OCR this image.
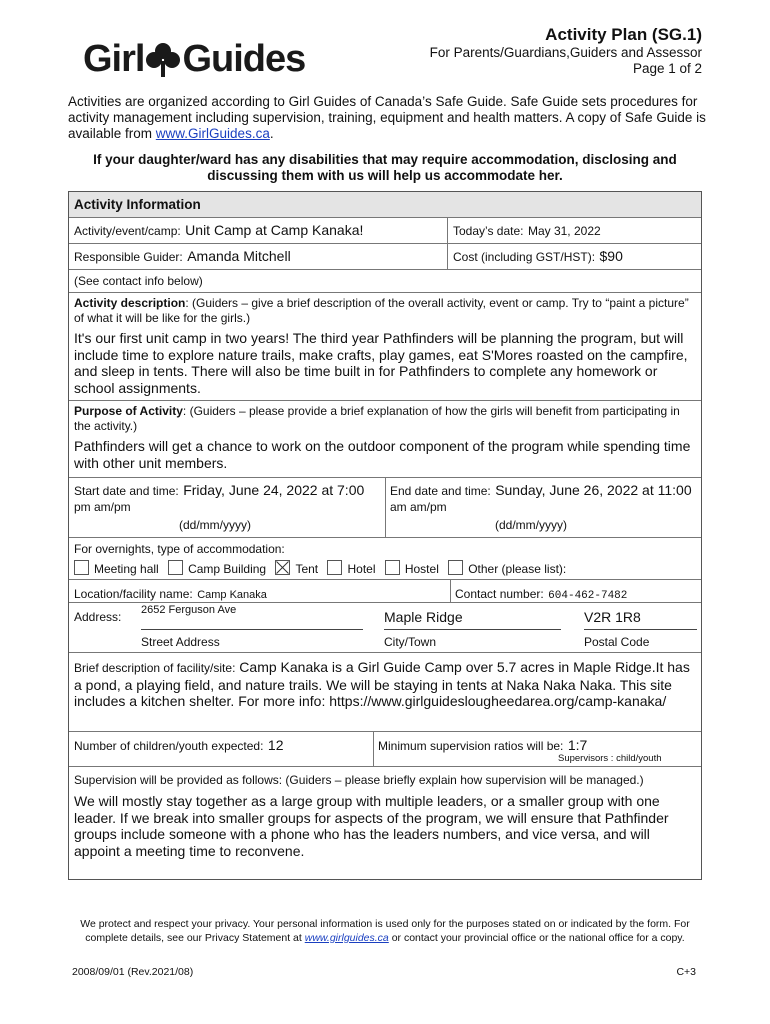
Girl Guides
Activity Plan (SG.1)
For Parents/Guardians,Guiders and Assessor
Page 1 of 2
Activities are organized according to Girl Guides of Canada’s Safe Guide. Safe Guide sets procedures for activity management including supervision, training, equipment and health matters. A copy of Safe Guide is available from www.GirlGuides.ca.
If your daughter/ward has any disabilities that may require accommodation, disclosing and discussing them with us will help us accommodate her.
Activity Information
Activity/event/camp: Unit Camp at Camp Kanaka!	Today’s date: May 31, 2022
Responsible Guider: Amanda Mitchell	Cost (including GST/HST): $90
(See contact info below)
Activity description: (Guiders – give a brief description of the overall activity, event or camp. Try to “paint a picture” of what it will be like for the girls.)
It's our first unit camp in two years! The third year Pathfinders will be planning the program, but will include time to explore nature trails, make crafts, play games, eat S'Mores roasted on the campfire, and sleep in tents. There will also be time built in for Pathfinders to complete any homework or school assignments.
Purpose of Activity: (Guiders – please provide a brief explanation of how the girls will benefit from participating in the activity.)
Pathfinders will get a chance to work on the outdoor component of the program while spending time with other unit members.
Start date and time: Friday, June 24, 2022 at 7:00
pm am/pm
(dd/mm/yyyy)
End date and time: Sunday, June 26, 2022 at 11:00
am am/pm
(dd/mm/yyyy)
For overnights, type of accommodation:
Meeting hall Camp Building Tent Hotel Hostel Other (please list):
Location/facility name: Camp Kanaka	Contact number: 604-462-7482
Address: 2652 Ferguson Ave	Maple Ridge	V2R 1R8
Street Address	City/Town	Postal Code
Brief description of facility/site: Camp Kanaka is a Girl Guide Camp over 5.7 acres in Maple Ridge.It has a pond, a playing field, and nature trails. We will be staying in tents at Naka Naka Naka. This site includes a kitchen shelter. For more info: https://www.girlguideslougheedarea.org/camp-kanaka/
Number of children/youth expected: 12	Minimum supervision ratios will be: 1:7
Supervisors : child/youth
Supervision will be provided as follows: (Guiders – please briefly explain how supervision will be managed.)
We will mostly stay together as a large group with multiple leaders, or a smaller group with one leader. If we break into smaller groups for aspects of the program, we will ensure that Pathfinder groups include someone with a phone who has the leaders numbers, and vice versa, and will appoint a meeting time to reconvene.
We protect and respect your privacy. Your personal information is used only for the purposes stated on or indicated by the form. For complete details, see our Privacy Statement at www.girlguides.ca or contact your provincial office or the national office for a copy.
2008/09/01 (Rev.2021/08)	C+3
